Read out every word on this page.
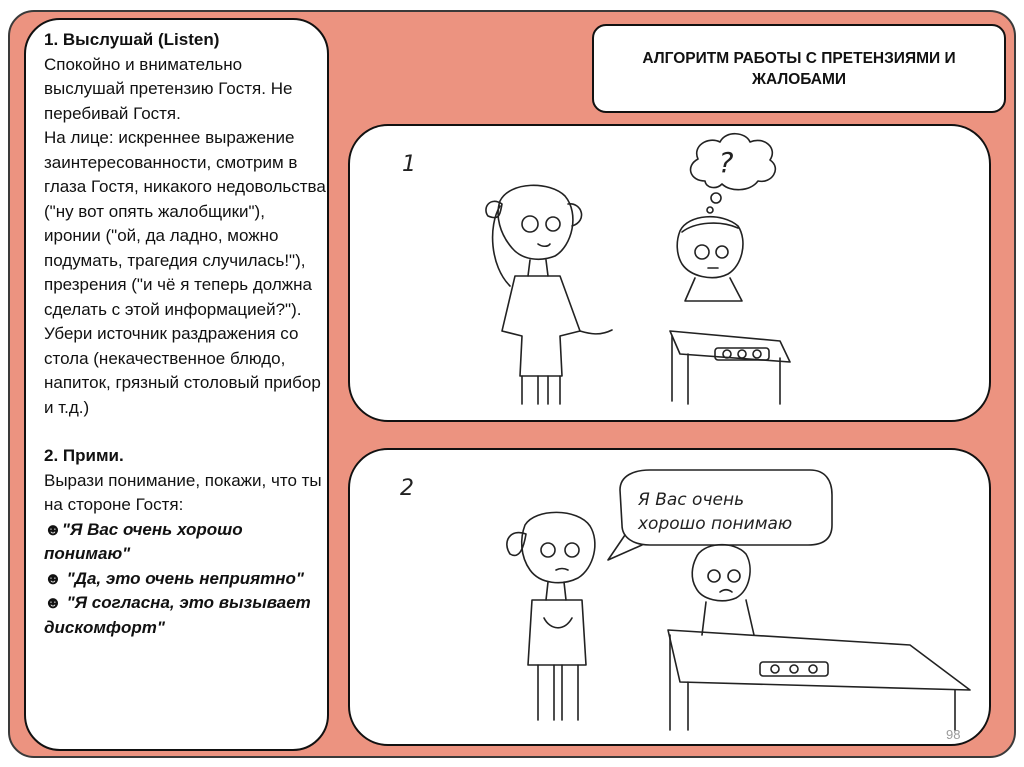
1. Выслушай (Listen)

Спокойно и внимательно выслушай претензию Гостя. Не перебивай Гостя.

На лице: искреннее выражение заинтересованности, смотрим в глаза Гостя, никакого недовольства ("ну вот опять жалобщики"), иронии ("ой, да ладно, можно подумать, трагедия случилась!"), презрения ("и чё я теперь должна сделать с этой информацией?").

Убери источник раздражения со стола (некачественное блюдо, напиток, грязный столовый прибор и т.д.)

2. Прими.

Вырази понимание, покажи, что ты на стороне Гостя:

☻"Я Вас очень хорошо понимаю"

☻ "Да, это очень неприятно"

☻ "Я согласна, это вызывает дискомфорт"

АЛГОРИТМ РАБОТЫ С ПРЕТЕНЗИЯМИ И ЖАЛОБАМИ
1	?
2	Я Вас очень
хорошо понимаю
98
